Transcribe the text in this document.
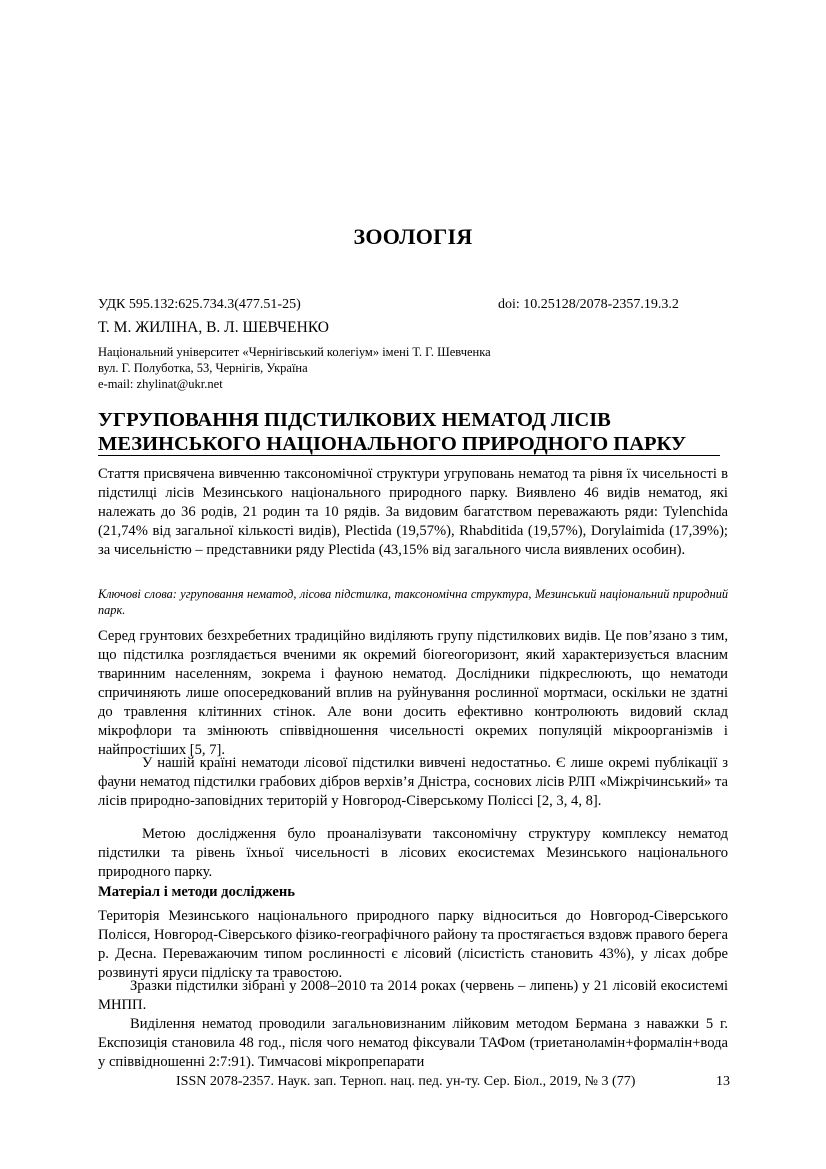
ЗООЛОГІЯ
УДК 595.132:625.734.3(477.51-25)	doi: 10.25128/2078-2357.19.3.2
Т. М. ЖИЛІНА, В. Л. ШЕВЧЕНКО
Національний університет «Чернігівський колегіум» імені Т. Г. Шевченка
вул. Г. Полуботка, 53, Чернігів, Україна
e-mail: zhylinat@ukr.net
УГРУПОВАННЯ ПІДСТИЛКОВИХ НЕМАТОД ЛІСІВ
МЕЗИНСЬКОГО НАЦІОНАЛЬНОГО ПРИРОДНОГО ПАРКУ
Стаття присвячена вивченню таксономічної структури угруповань нематод та рівня їх чисельності в підстилці лісів Мезинського національного природного парку. Виявлено 46 видів нематод, які належать до 36 родів, 21 родин та 10 рядів. За видовим багатством переважають ряди: Tylenchida (21,74% від загальної кількості видів), Plectida (19,57%), Rhabditida (19,57%), Dorylaimida (17,39%); за чисельністю – представники ряду Plectida (43,15% від загального числа виявлених особин).
Ключові слова: угруповання нематод, лісова підстилка, таксономічна структура, Мезинський національний природний парк.
Серед грунтових безхребетних традиційно виділяють групу підстилкових видів. Це пов’язано з тим, що підстилка розглядається вченими як окремий біогеогоризонт, який характеризується власним тваринним населенням, зокрема і фауною нематод. Дослідники підкреслюють, що нематоди спричиняють лише опосередкований вплив на руйнування рослинної мортмаси, оскільки не здатні до травлення клітинних стінок. Але вони досить ефективно контролюють видовий склад мікрофлори та змінюють співвідношення чисельності окремих популяцій мікроорганізмів і найпростіших [5, 7].
У нашій країні нематоди лісової підстилки вивчені недостатньо. Є лише окремі публікації з фауни нематод підстилки грабових дібров верхів’я Дністра, соснових лісів РЛП «Міжрічинський» та лісів природно-заповідних територій у Новгород-Сіверському Поліссі [2, 3, 4, 8].
Метою дослідження було проаналізувати таксономічну структуру комплексу нематод підстилки та рівень їхньої чисельності в лісових екосистемах Мезинського національного природного парку.
Матеріал і методи досліджень
Територія Мезинського національного природного парку відноситься до Новгород-Сіверського Полісся, Новгород-Сіверського фізико-географічного району та простягається вздовж правого берега р. Десна. Переважаючим типом рослинності є лісовий (лісистість становить 43%), у лісах добре розвинуті яруси підліску та травостою.
Зразки підстилки зібрані у 2008–2010 та 2014 роках (червень – липень) у 21 лісовій екосистемі МНПП.
Виділення нематод проводили загальновизнаним лійковим методом Бермана з наважки 5 г. Експозиція становила 48 год., після чого нематод фіксували ТАФом (триетаноламін+формалін+вода у співвідношенні 2:7:91). Тимчасові мікропрепарати
ISSN 2078-2357. Наук. зап. Терноп. нац. пед. ун-ту. Сер. Біол., 2019, № 3 (77)	13
